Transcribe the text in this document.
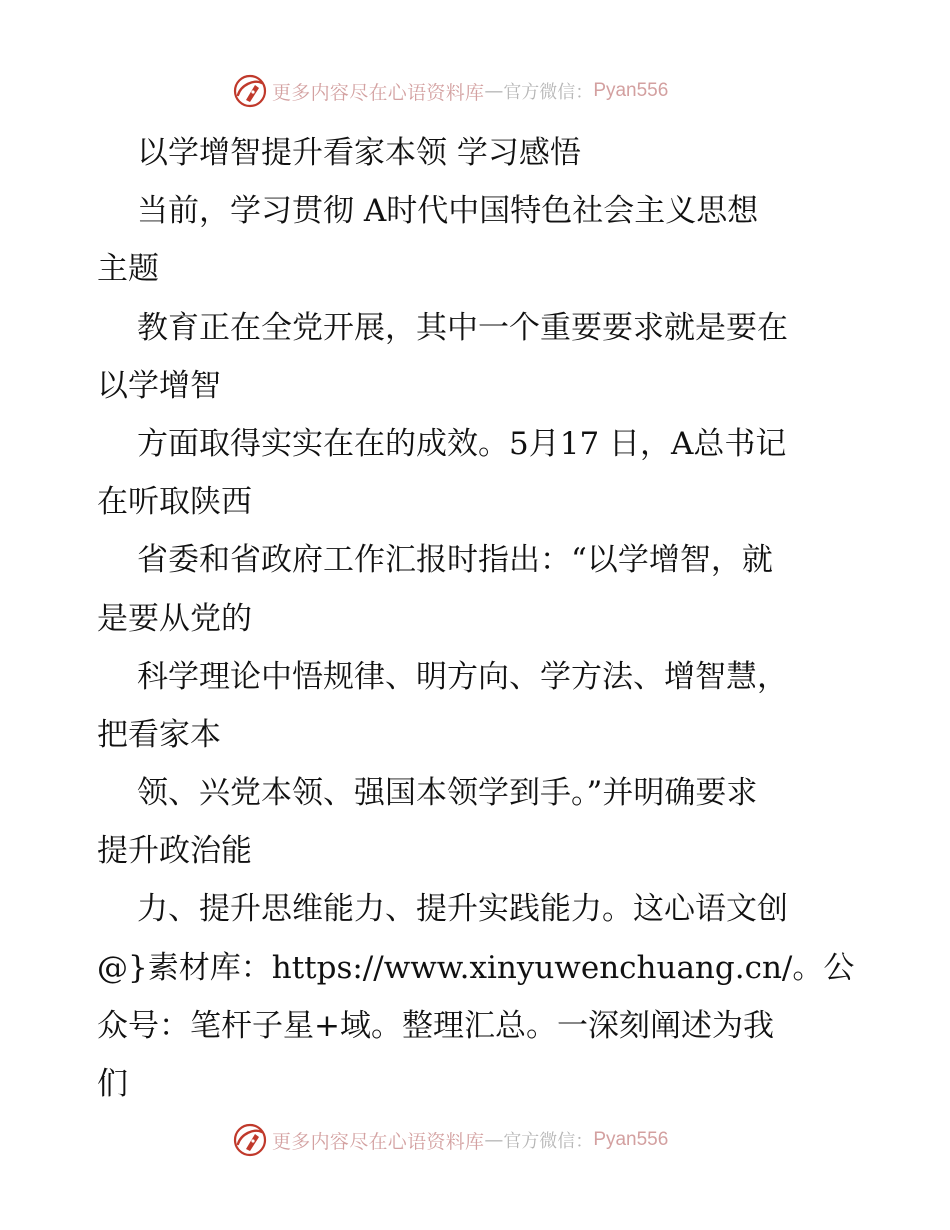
更多内容尽在心语资料库 — 官方微信： Pyan556
以学增智提升看家本领 学习感悟
当前，学习贯彻 A时代中国特色社会主义思想
主题
教育正在全党开展，其中一个重要要求就是要在
以学增智
方面取得实实在在的成效。5月17 日，A总书记
在听取陕西
省委和省政府工作汇报时指出：“以学增智，就
是要从党的
科学理论中悟规律、明方向、学方法、增智慧，
把看家本
领、兴党本领、强国本领学到手。”并明确要求
提升政治能
力、提升思维能力、提升实践能力。这心语文创
@}素材库：https://www.xinyuwenchuang.cn/。公
众号：笔杆子星+域。整理汇总。一深刻阐述为我
们
更多内容尽在心语资料库 — 官方微信： Pyan556
